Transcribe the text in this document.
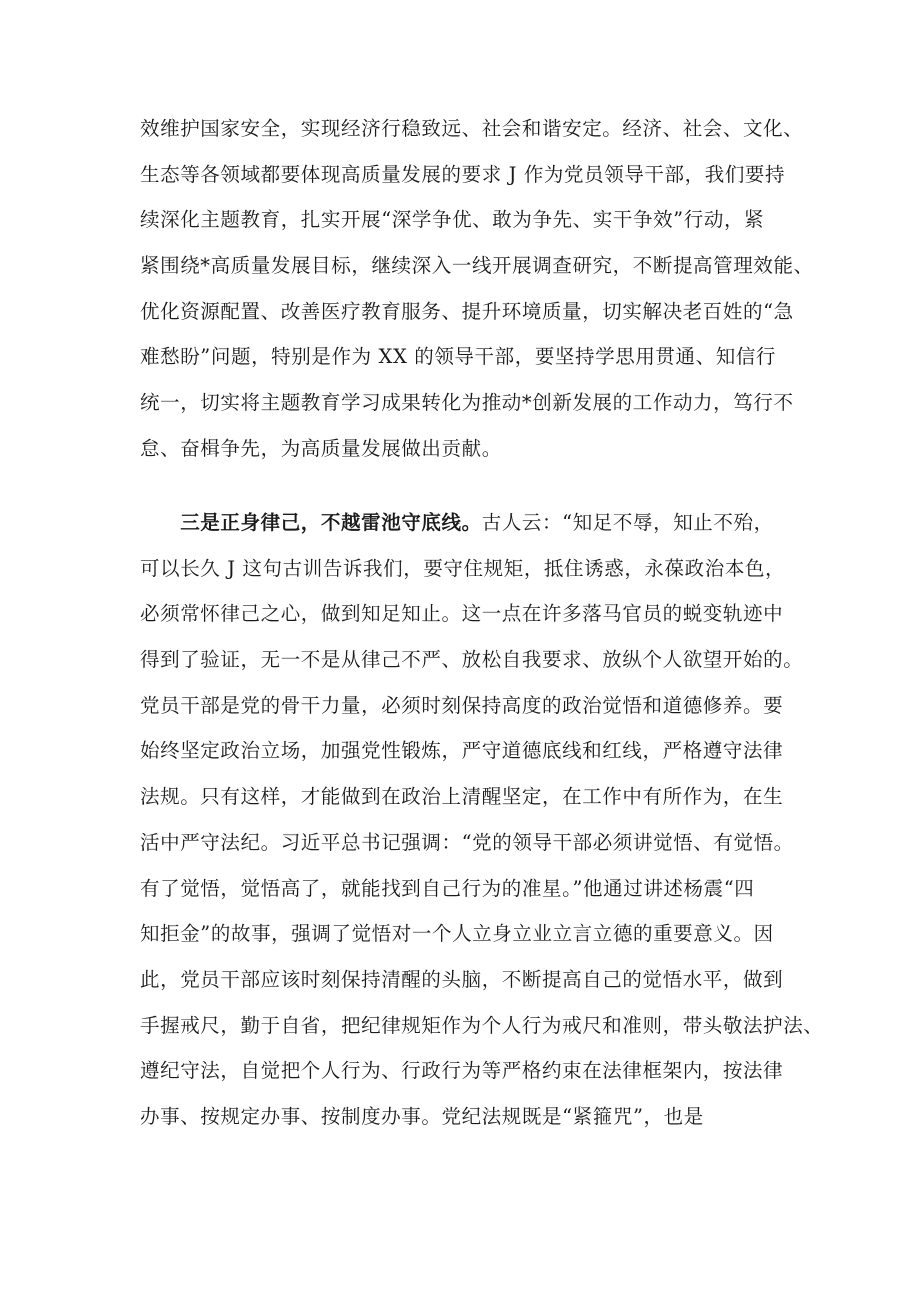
效维护国家安全，实现经济行稳致远、社会和谐安定。经济、社会、文化、
生态等各领域都要体现高质量发展的要求 J 作为党员领导干部，我们要持
续深化主题教育，扎实开展“深学争优、敢为争先、实干争效”行动，紧
紧围绕*高质量发展目标，继续深入一线开展调查研究，不断提高管理效能、
优化资源配置、改善医疗教育服务、提升环境质量，切实解决老百姓的“急
难愁盼”问题，特别是作为 XX 的领导干部，要坚持学思用贯通、知信行
统一，切实将主题教育学习成果转化为推动*创新发展的工作动力，笃行不
怠、奋楫争先，为高质量发展做出贡献。
　　三是正身律己，不越雷池守底线。古人云：“知足不辱，知止不殆，
可以长久 J 这句古训告诉我们，要守住规矩，抵住诱惑，永葆政治本色，
必须常怀律己之心，做到知足知止。这一点在许多落马官员的蜕变轨迹中
得到了验证，无一不是从律己不严、放松自我要求、放纵个人欲望开始的。
党员干部是党的骨干力量，必须时刻保持高度的政治觉悟和道德修养。要
始终坚定政治立场，加强党性锻炼，严守道德底线和红线，严格遵守法律
法规。只有这样，才能做到在政治上清醒坚定，在工作中有所作为，在生
活中严守法纪。习近平总书记强调：“党的领导干部必须讲觉悟、有觉悟。
有了觉悟，觉悟高了，就能找到自己行为的准星。”他通过讲述杨震“四
知拒金”的故事，强调了觉悟对一个人立身立业立言立德的重要意义。因
此，党员干部应该时刻保持清醒的头脑，不断提高自己的觉悟水平，做到
手握戒尺，勤于自省，把纪律规矩作为个人行为戒尺和准则，带头敬法护法、
遵纪守法，自觉把个人行为、行政行为等严格约束在法律框架内，按法律
办事、按规定办事、按制度办事。党纪法规既是“紧箍咒”，也是
